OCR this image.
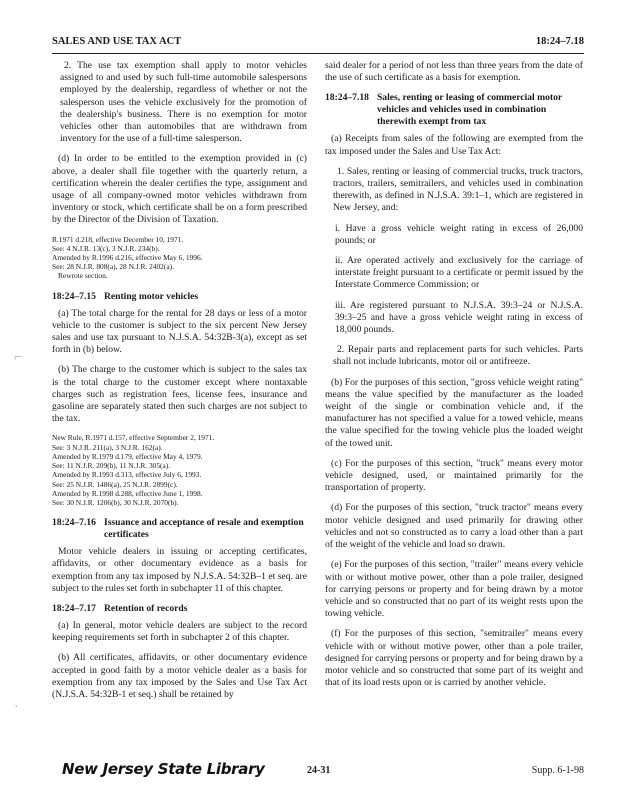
SALES AND USE TAX ACT	18:24–7.18
⌐
·

2. The use tax exemption shall apply to motor vehicles assigned to and used by such full-time automobile salespersons employed by the dealership, regardless of whether or not the salesperson uses the vehicle exclusively for the promotion of the dealership's business. There is no exemption for motor vehicles other than automobiles that are withdrawn from inventory for the use of a full-time salesperson.

(d) In order to be entitled to the exemption provided in (c) above, a dealer shall file together with the quarterly return, a certification wherein the dealer certifies the type, assignment and usage of all company-owned motor vehicles withdrawn from inventory or stock, which certificate shall be on a form prescribed by the Director of the Division of Taxation.

R.1971 d.218, effective December 10, 1971.
See: 4 N.J.R. 13(c), 3 N.J.R. 234(b).
Amended by R.1996 d.216, effective May 6, 1996.
See: 28 N.J.R. 808(a), 28 N.J.R. 2402(a).
Rewrote section.
18:24–7.15 Renting motor vehicles

(a) The total charge for the rental for 28 days or less of a motor vehicle to the customer is subject to the six percent New Jersey sales and use tax pursuant to N.J.S.A. 54:32B-3(a), except as set forth in (b) below.

(b) The charge to the customer which is subject to the sales tax is the total charge to the customer except where nontaxable charges such as registration fees, license fees, insurance and gasoline are separately stated then such charges are not subject to the tax.

New Rule, R.1971 d.157, effective September 2, 1971.
See: 3 N.J.R. 211(a), 3 N.J.R. 162(a).
Amended by R.1979 d.179, effective May 4, 1979.
See: 11 N.J.R. 209(b), 11 N.J.R. 305(a).
Amended by R.1993 d.313, effective July 6, 1993.
See: 25 N.J.R. 1486(a), 25 N.J.R. 2899(c).
Amended by R.1998 d.288, effective June 1, 1998.
See: 30 N.J.R. 1206(b), 30 N.J.R. 2070(b).
18:24–7.16 Issuance and acceptance of resale and exemption certificates

Motor vehicle dealers in issuing or accepting certificates, affidavits, or other documentary evidence as a basis for exemption from any tax imposed by N.J.S.A. 54:32B–1 et seq. are subject to the rules set forth in subchapter 11 of this chapter.

18:24–7.17 Retention of records

(a) In general, motor vehicle dealers are subject to the record keeping requirements set forth in subchapter 2 of this chapter.

(b) All certificates, affidavits, or other documentary evidence accepted in good faith by a motor vehicle dealer as a basis for exemption from any tax imposed by the Sales and Use Tax Act (N.J.S.A. 54:32B-1 et seq.) shall be retained by

said dealer for a period of not less than three years from the date of the use of such certificate as a basis for exemption.

18:24–7.18 Sales, renting or leasing of commercial motor vehicles and vehicles used in combination therewith exempt from tax

(a) Receipts from sales of the following are exempted from the tax imposed under the Sales and Use Tax Act:

1. Sales, renting or leasing of commercial trucks, truck tractors, tractors, trailers, semitrailers, and vehicles used in combination therewith, as defined in N.J.S.A. 39:1–1, which are registered in New Jersey, and:

i. Have a gross vehicle weight rating in excess of 26,000 pounds; or

ii. Are operated actively and exclusively for the carriage of interstate freight pursuant to a certificate or permit issued by the Interstate Commerce Commission; or

iii. Are registered pursuant to N.J.S.A. 39:3–24 or N.J.S.A. 39:3–25 and have a gross vehicle weight rating in excess of 18,000 pounds.

2. Repair parts and replacement parts for such vehicles. Parts shall not include lubricants, motor oil or antifreeze.

(b) For the purposes of this section, "gross vehicle weight rating" means the value specified by the manufacturer as the loaded weight of the single or combination vehicle and, if the manufacturer has not specified a value for a towed vehicle, means the value specified for the towing vehicle plus the loaded weight of the towed unit.

(c) For the purposes of this section, "truck" means every motor vehicle designed, used, or maintained primarily for the transportation of property.

(d) For the purposes of this section, "truck tractor" means every motor vehicle designed and used primarily for drawing other vehicles and not so constructed as to carry a load other than a part of the weight of the vehicle and load so drawn.

(e) For the purposes of this section, "trailer" means every vehicle with or without motive power, other than a pole trailer, designed for carrying persons or property and for being drawn by a motor vehicle and so constructed that no part of its weight rests upon the towing vehicle.

(f) For the purposes of this section, "semitrailer" means every vehicle with or without motive power, other than a pole trailer, designed for carrying persons or property and for being drawn by a motor vehicle and so constructed that some part of its weight and that of its load rests upon or is carried by another vehicle.

New Jersey State Library	24-31	Supp. 6-1-98
